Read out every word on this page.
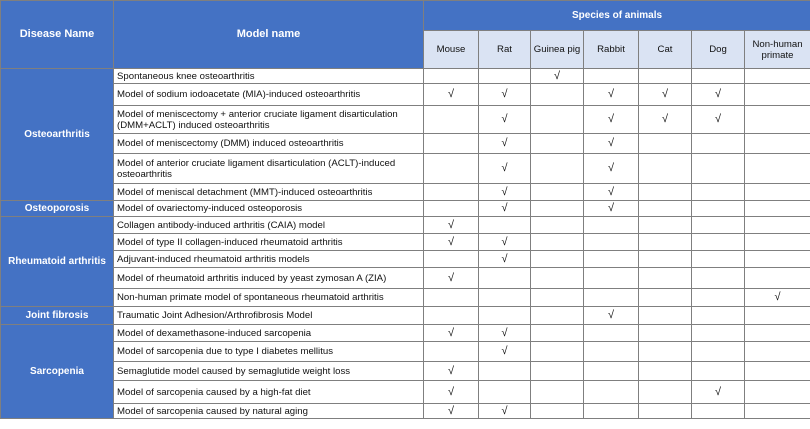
Disease Name	Model name	Species of animals						
		Mouse	Rat	Guinea pig	Rabbit	Cat	Dog	Non-human primate
Osteoarthritis	Spontaneous knee osteoarthritis			√				
	Model of sodium iodoacetate (MIA)-induced osteoarthritis	√	√		√	√	√	
	Model of meniscectomy + anterior cruciate ligament disarticulation (DMM+ACLT) induced osteoarthritis		√		√	√	√	
	Model of meniscectomy (DMM) induced osteoarthritis		√		√			
	Model of anterior cruciate ligament disarticulation (ACLT)-induced osteoarthritis		√		√			
	Model of meniscal detachment (MMT)-induced osteoarthritis		√		√			
Osteoporosis	Model of ovariectomy-induced osteoporosis		√		√			
Rheumatoid arthritis	Collagen antibody-induced arthritis (CAIA) model	√						
	Model of type II collagen-induced rheumatoid arthritis	√	√					
	Adjuvant-induced rheumatoid arthritis models		√					
	Model of rheumatoid arthritis induced by yeast zymosan A (ZIA)	√						
	Non-human primate model of spontaneous rheumatoid arthritis							√
Joint fibrosis	Traumatic Joint Adhesion/Arthrofibrosis Model				√			
Sarcopenia	Model of dexamethasone-induced sarcopenia	√	√					
	Model of sarcopenia due to type I diabetes mellitus		√					
	Semaglutide model caused by semaglutide weight loss	√						
	Model of sarcopenia caused by a high-fat diet	√					√	
	Model of sarcopenia caused by natural aging	√	√					
